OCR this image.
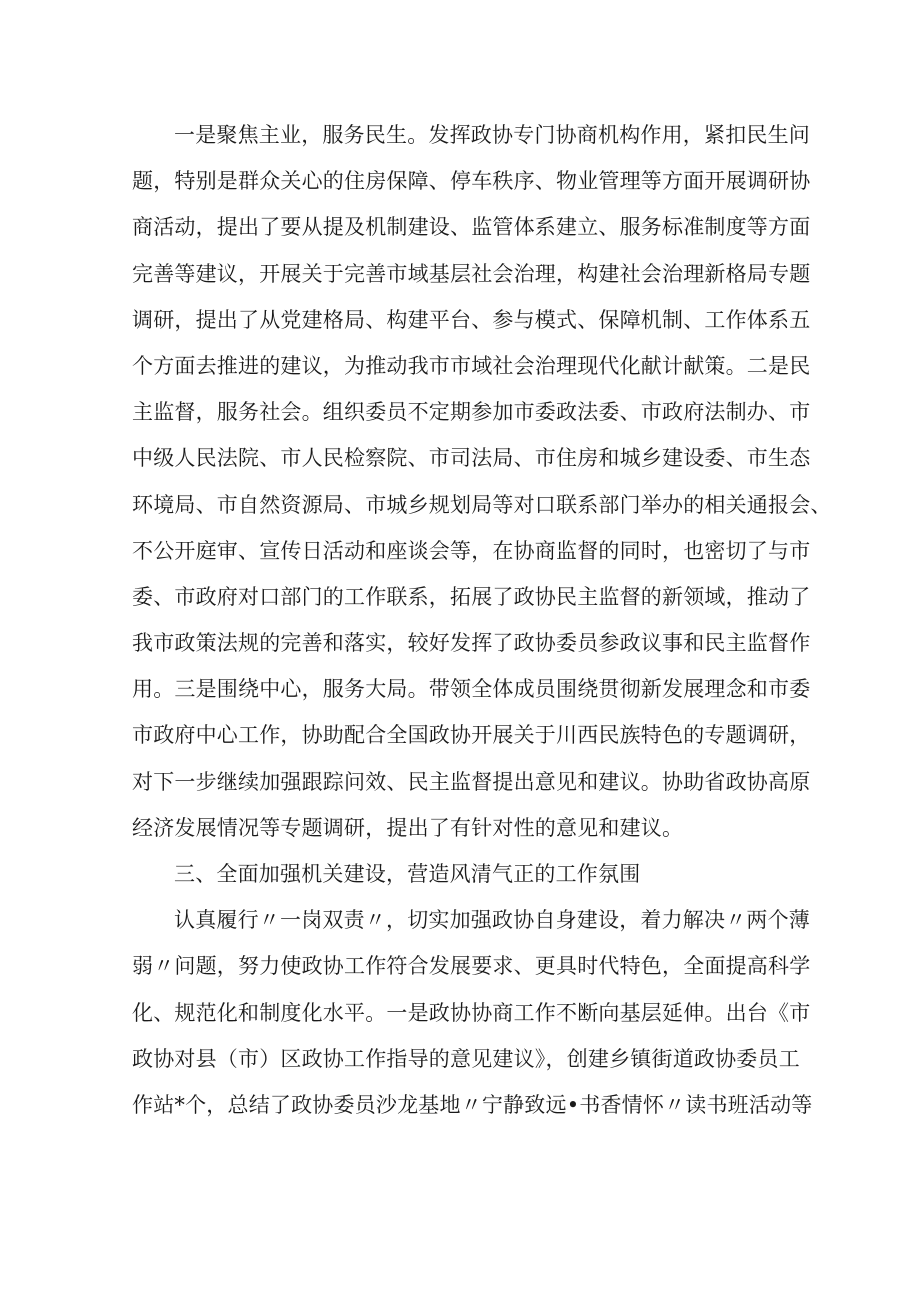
一是聚焦主业，服务民生。发挥政协专门协商机构作用，紧扣民生问
题，特别是群众关心的住房保障、停车秩序、物业管理等方面开展调研协
商活动，提出了要从提及机制建设、监管体系建立、服务标准制度等方面
完善等建议，开展关于完善市域基层社会治理，构建社会治理新格局专题
调研，提出了从党建格局、构建平台、参与模式、保障机制、工作体系五
个方面去推进的建议，为推动我市市域社会治理现代化献计献策。二是民
主监督，服务社会。组织委员不定期参加市委政法委、市政府法制办、市
中级人民法院、市人民检察院、市司法局、市住房和城乡建设委、市生态
环境局、市自然资源局、市城乡规划局等对口联系部门举办的相关通报会、
不公开庭审、宣传日活动和座谈会等，在协商监督的同时，也密切了与市
委、市政府对口部门的工作联系，拓展了政协民主监督的新领域，推动了
我市政策法规的完善和落实，较好发挥了政协委员参政议事和民主监督作
用。三是围绕中心，服务大局。带领全体成员围绕贯彻新发展理念和市委
市政府中心工作，协助配合全国政协开展关于川西民族特色的专题调研，
对下一步继续加强跟踪问效、民主监督提出意见和建议。协助省政协高原
经济发展情况等专题调研，提出了有针对性的意见和建议。
三、全面加强机关建设，营造风清气正的工作氛围
认真履行〃一岗双责〃，切实加强政协自身建设，着力解决〃两个薄
弱〃问题，努力使政协工作符合发展要求、更具时代特色，全面提高科学
化、规范化和制度化水平。一是政协协商工作不断向基层延伸。出台《市
政协对县（市）区政协工作指导的意见建议》，创建乡镇街道政协委员工
作站*个，总结了政协委员沙龙基地〃宁静致远•书香情怀〃读书班活动等
